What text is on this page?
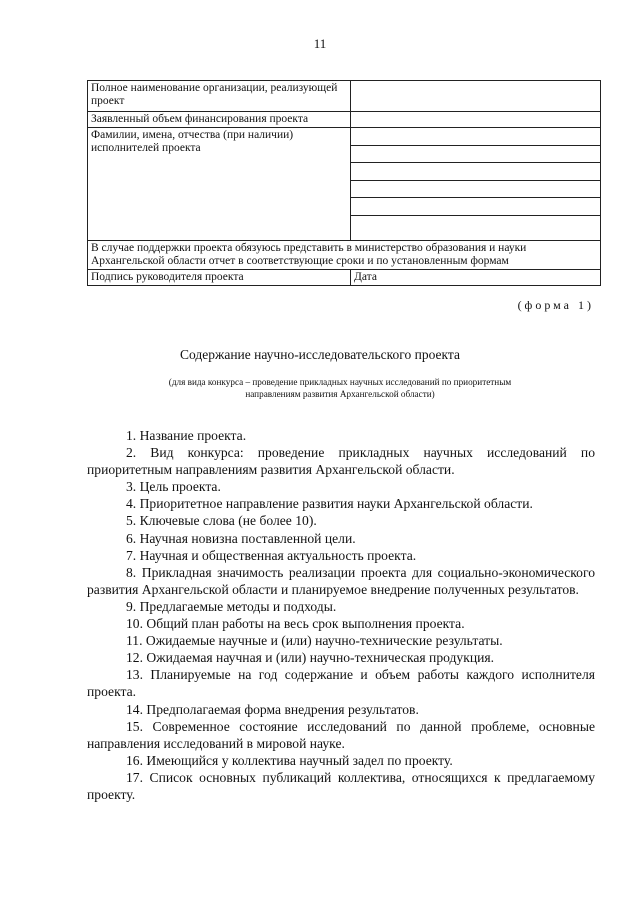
11
Полное наименование организации, реализующей проект	
Заявленный объем финансирования проекта	
Фамилии, имена, отчества (при наличии) исполнителей проекта	

В случае поддержки проекта обязуюсь представить в министерство образования и науки Архангельской области отчет в соответствующие сроки и по установленным формам	
Подпись руководителя проекта	Дата
(форма 1)
Содержание научно-исследовательского проекта
(для вида конкурса – проведение прикладных научных исследований по приоритетным направлениям развития Архангельской области)

1. Название проекта.

2. Вид конкурса: проведение прикладных научных исследований по приоритетным направлениям развития Архангельской области.

3. Цель проекта.

4. Приоритетное направление развития науки Архангельской области.

5. Ключевые слова (не более 10).

6. Научная новизна поставленной цели.

7. Научная и общественная актуальность проекта.

8. Прикладная значимость реализации проекта для социально-экономического развития Архангельской области и планируемое внедрение полученных результатов.

9. Предлагаемые методы и подходы.

10. Общий план работы на весь срок выполнения проекта.

11. Ожидаемые научные и (или) научно-технические результаты.

12. Ожидаемая научная и (или) научно-техническая продукция.

13. Планируемые на год содержание и объем работы каждого исполнителя проекта.

14. Предполагаемая форма внедрения результатов.

15. Современное состояние исследований по данной проблеме, основные направления исследований в мировой науке.

16. Имеющийся у коллектива научный задел по проекту.

17. Список основных публикаций коллектива, относящихся к предлагаемому проекту.
